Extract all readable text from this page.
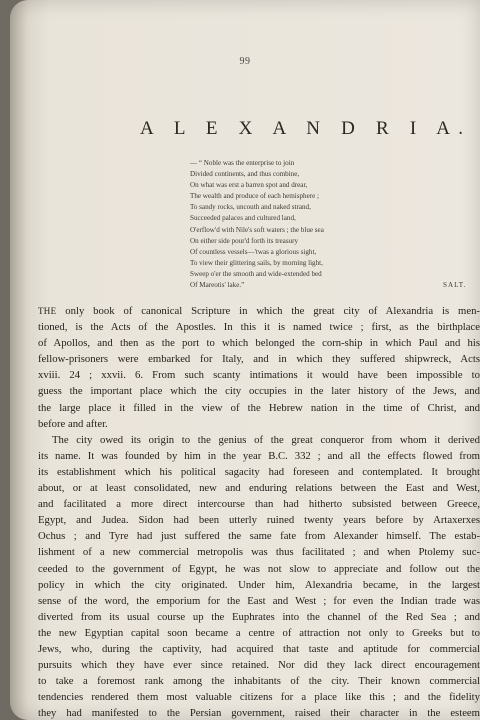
99
A L E X A N D R I A.
— “ Noble was the enterprise to join
Divided continents, and thus combine,
On what was erst a barren spot and drear,
The wealth and produce of each hemisphere ;
To sandy rocks, uncouth and naked strand,
Succeeded palaces and cultured land,
O'erflow'd with Nile's soft waters ; the blue sea
On either side pour'd forth its treasury
Of countless vessels—'twas a glorious sight,
To view their glittering sails, by morning light,
Sweep o'er the smooth and wide-extended bed
Of Mareotis' lake.”	SALT.
THE only book of canonical Scripture in which the great city of Alexandria is men-
tioned, is the Acts of the Apostles. In this it is named twice ; first, as the birthplace
of Apollos, and then as the port to which belonged the corn-ship in which Paul and his
fellow-prisoners were embarked for Italy, and in which they suffered shipwreck, Acts
xviii. 24 ; xxvii. 6. From such scanty intimations it would have been impossible to
guess the important place which the city occupies in the later history of the Jews, and
the large place it filled in the view of the Hebrew nation in the time of Christ, and
before and after.
The city owed its origin to the genius of the great conqueror from whom it derived
its name. It was founded by him in the year B.C. 332 ; and all the effects flowed from
its establishment which his political sagacity had foreseen and contemplated. It brought
about, or at least consolidated, new and enduring relations between the East and West,
and facilitated a more direct intercourse than had hitherto subsisted between Greece,
Egypt, and Judea. Sidon had been utterly ruined twenty years before by Artaxerxes
Ochus ; and Tyre had just suffered the same fate from Alexander himself. The estab-
lishment of a new commercial metropolis was thus facilitated ; and when Ptolemy suc-
ceeded to the government of Egypt, he was not slow to appreciate and follow out the
policy in which the city originated. Under him, Alexandria became, in the largest
sense of the word, the emporium for the East and West ; for even the Indian trade was
diverted from its usual course up the Euphrates into the channel of the Red Sea ; and
the new Egyptian capital soon became a centre of attraction not only to Greeks but to
Jews, who, during the captivity, had acquired that taste and aptitude for commercial
pursuits which they have ever since retained. Nor did they lack direct encouragement
to take a foremost rank among the inhabitants of the city. Their known commercial
tendencies rendered them most valuable citizens for a place like this ; and the fidelity
they had manifested to the Persian government, raised their character in the esteem
